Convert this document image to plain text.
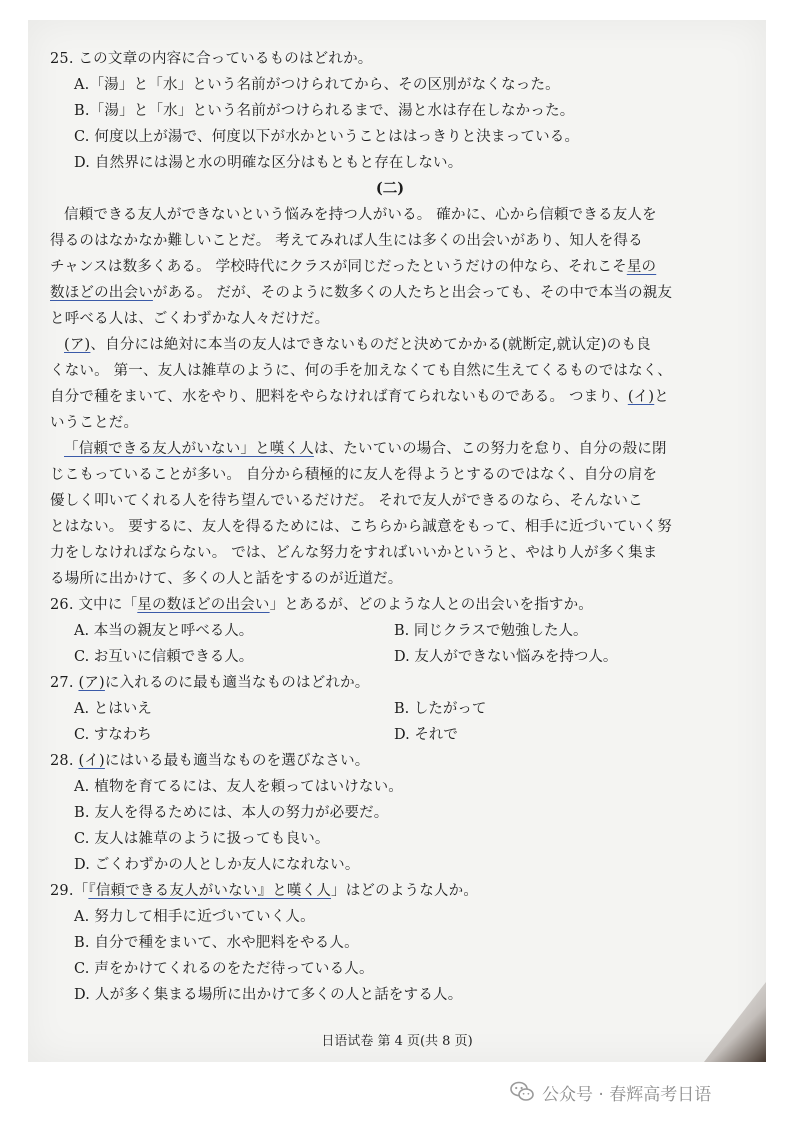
25. この文章の内容に合っているものはどれか。
A.「湯」と「水」という名前がつけられてから、その区別がなくなった。
B.「湯」と「水」という名前がつけられるまで、湯と水は存在しなかった。
C. 何度以上が湯で、何度以下が水かということははっきりと決まっている。
D. 自然界には湯と水の明確な区分はもともと存在しない。
(二)
信頼できる友人ができないという悩みを持つ人がいる。 確かに、心から信頼できる友人を
得るのはなかなか難しいことだ。 考えてみれば人生には多くの出会いがあり、知人を得る
チャンスは数多くある。 学校時代にクラスが同じだったというだけの仲なら、それこそ星の
数ほどの出会いがある。 だが、そのように数多くの人たちと出会っても、その中で本当の親友
と呼べる人は、ごくわずかな人々だけだ。
(ア)、自分には絶対に本当の友人はできないものだと決めてかかる(就断定,就认定)のも良
くない。 第一、友人は雑草のように、何の手を加えなくても自然に生えてくるものではなく、
自分で種をまいて、水をやり、肥料をやらなければ育てられないものである。 つまり、(イ)と
いうことだ。
「信頼できる友人がいない」と嘆く人は、たいていの場合、この努力を怠り、自分の殻に閉
じこもっていることが多い。 自分から積極的に友人を得ようとするのではなく、自分の肩を
優しく叩いてくれる人を待ち望んでいるだけだ。 それで友人ができるのなら、そんないこ
とはない。 要するに、友人を得るためには、こちらから誠意をもって、相手に近づいていく努
力をしなければならない。 では、どんな努力をすればいいかというと、やはり人が多く集ま
る場所に出かけて、多くの人と話をするのが近道だ。
26. 文中に「星の数ほどの出会い」とあるが、どのような人との出会いを指すか。
A. 本当の親友と呼べる人。	B. 同じクラスで勉強した人。
C. お互いに信頼できる人。	D. 友人ができない悩みを持つ人。
27. (ア)に入れるのに最も適当なものはどれか。
A. とはいえ	B. したがって
C. すなわち	D. それで
28. (イ)にはいる最も適当なものを選びなさい。
A. 植物を育てるには、友人を頼ってはいけない。
B. 友人を得るためには、本人の努力が必要だ。
C. 友人は雑草のように扱っても良い。
D. ごくわずかの人としか友人になれない。
29.「『信頼できる友人がいない』と嘆く人」はどのような人か。
A. 努力して相手に近づいていく人。
B. 自分で種をまいて、水や肥料をやる人。
C. 声をかけてくれるのをただ待っている人。
D. 人が多く集まる場所に出かけて多くの人と話をする人。
日语试卷 第 4 页(共 8 页)
公众号 · 春辉高考日语
